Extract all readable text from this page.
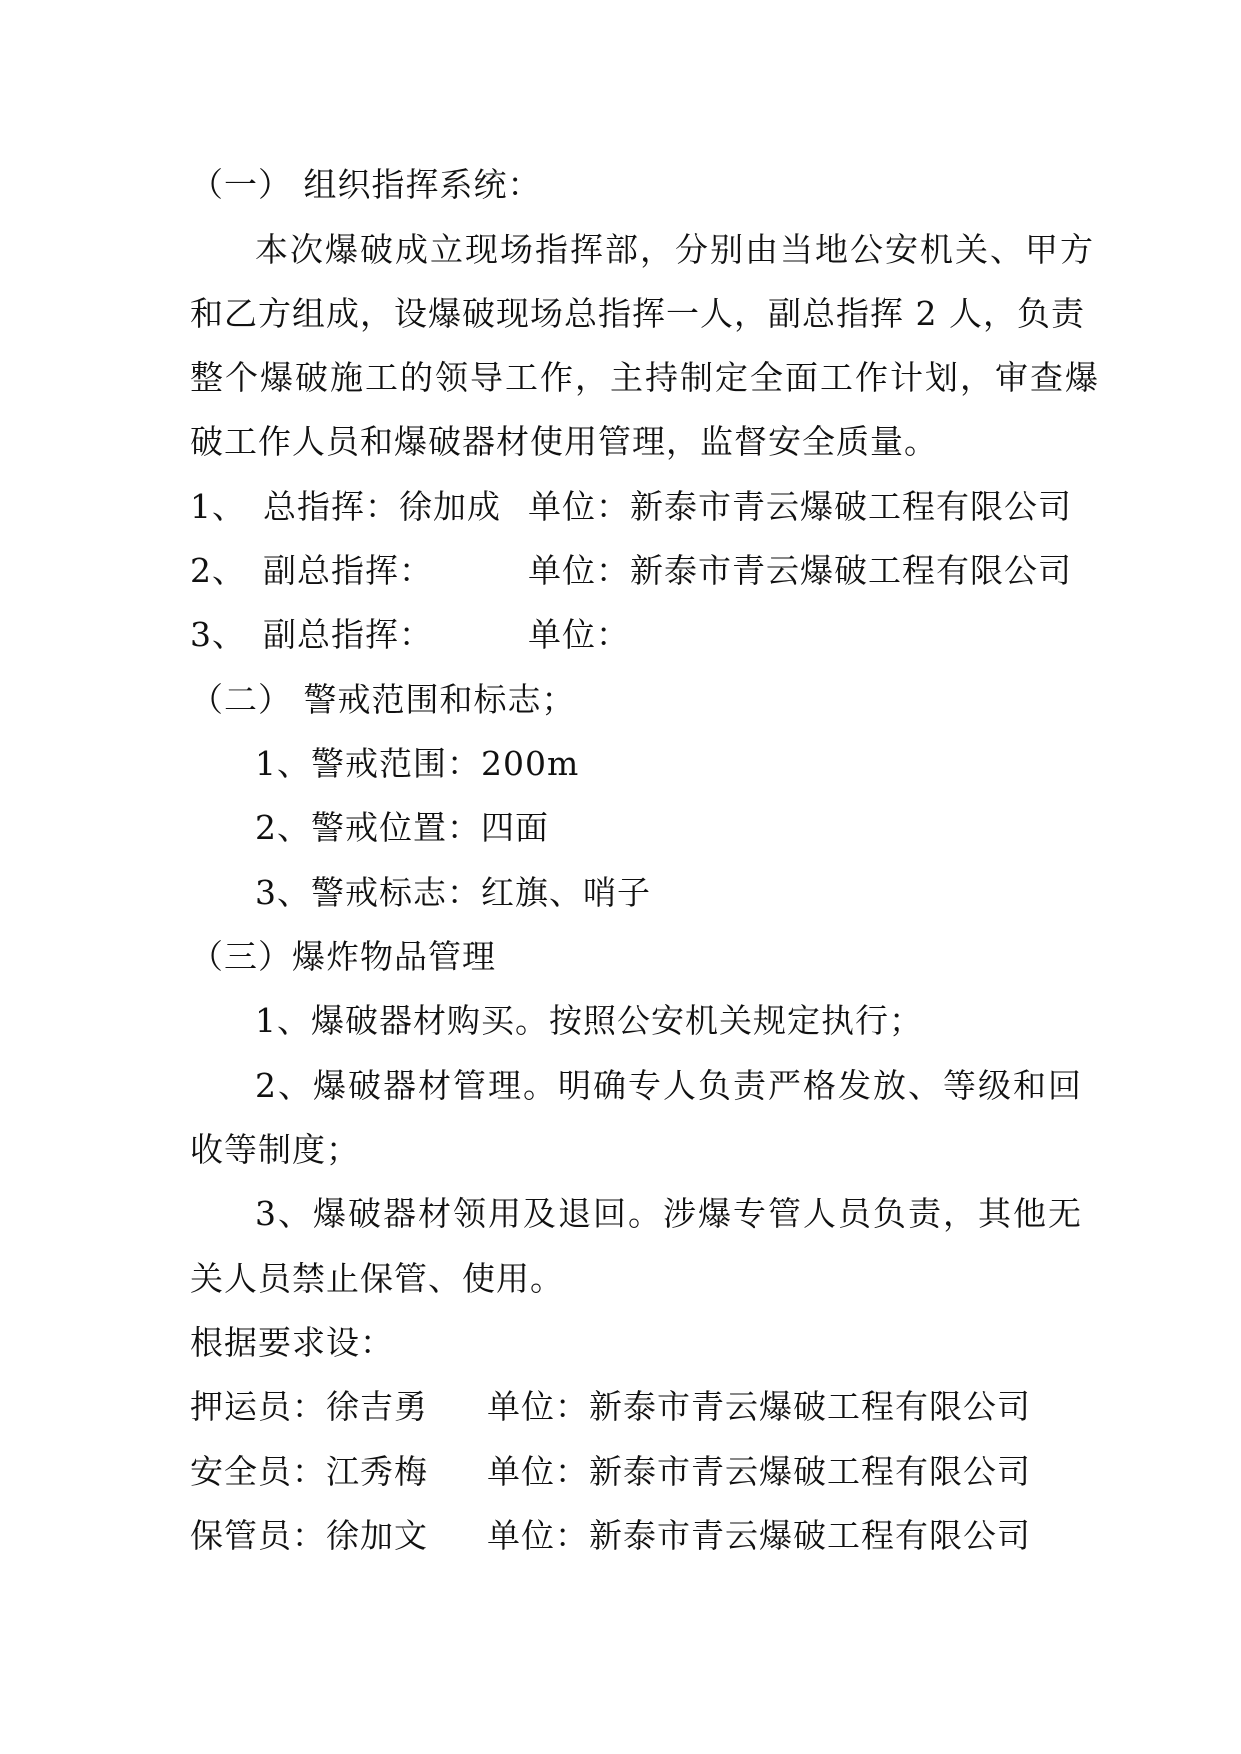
（一） 组织指挥系统：
本次爆破成立现场指挥部，分别由当地公安机关、甲方
和乙方组成，设爆破现场总指挥一人，副总指挥 2 人，负责
整个爆破施工的领导工作，主持制定全面工作计划，审查爆
破工作人员和爆破器材使用管理，监督安全质量。
1、 总指挥：徐加成 单位：新泰市青云爆破工程有限公司
2、 副总指挥：	单位：新泰市青云爆破工程有限公司
3、 副总指挥：	单位：
（二） 警戒范围和标志；
1、警戒范围：200m
2、警戒位置：四面
3、警戒标志：红旗、哨子
（三）爆炸物品管理
1、爆破器材购买。按照公安机关规定执行；
2、爆破器材管理。明确专人负责严格发放、等级和回
收等制度；
3、爆破器材领用及退回。涉爆专管人员负责，其他无
关人员禁止保管、使用。
根据要求设：
押运员：徐吉勇 单位：新泰市青云爆破工程有限公司
安全员：江秀梅 单位：新泰市青云爆破工程有限公司
保管员：徐加文 单位：新泰市青云爆破工程有限公司
